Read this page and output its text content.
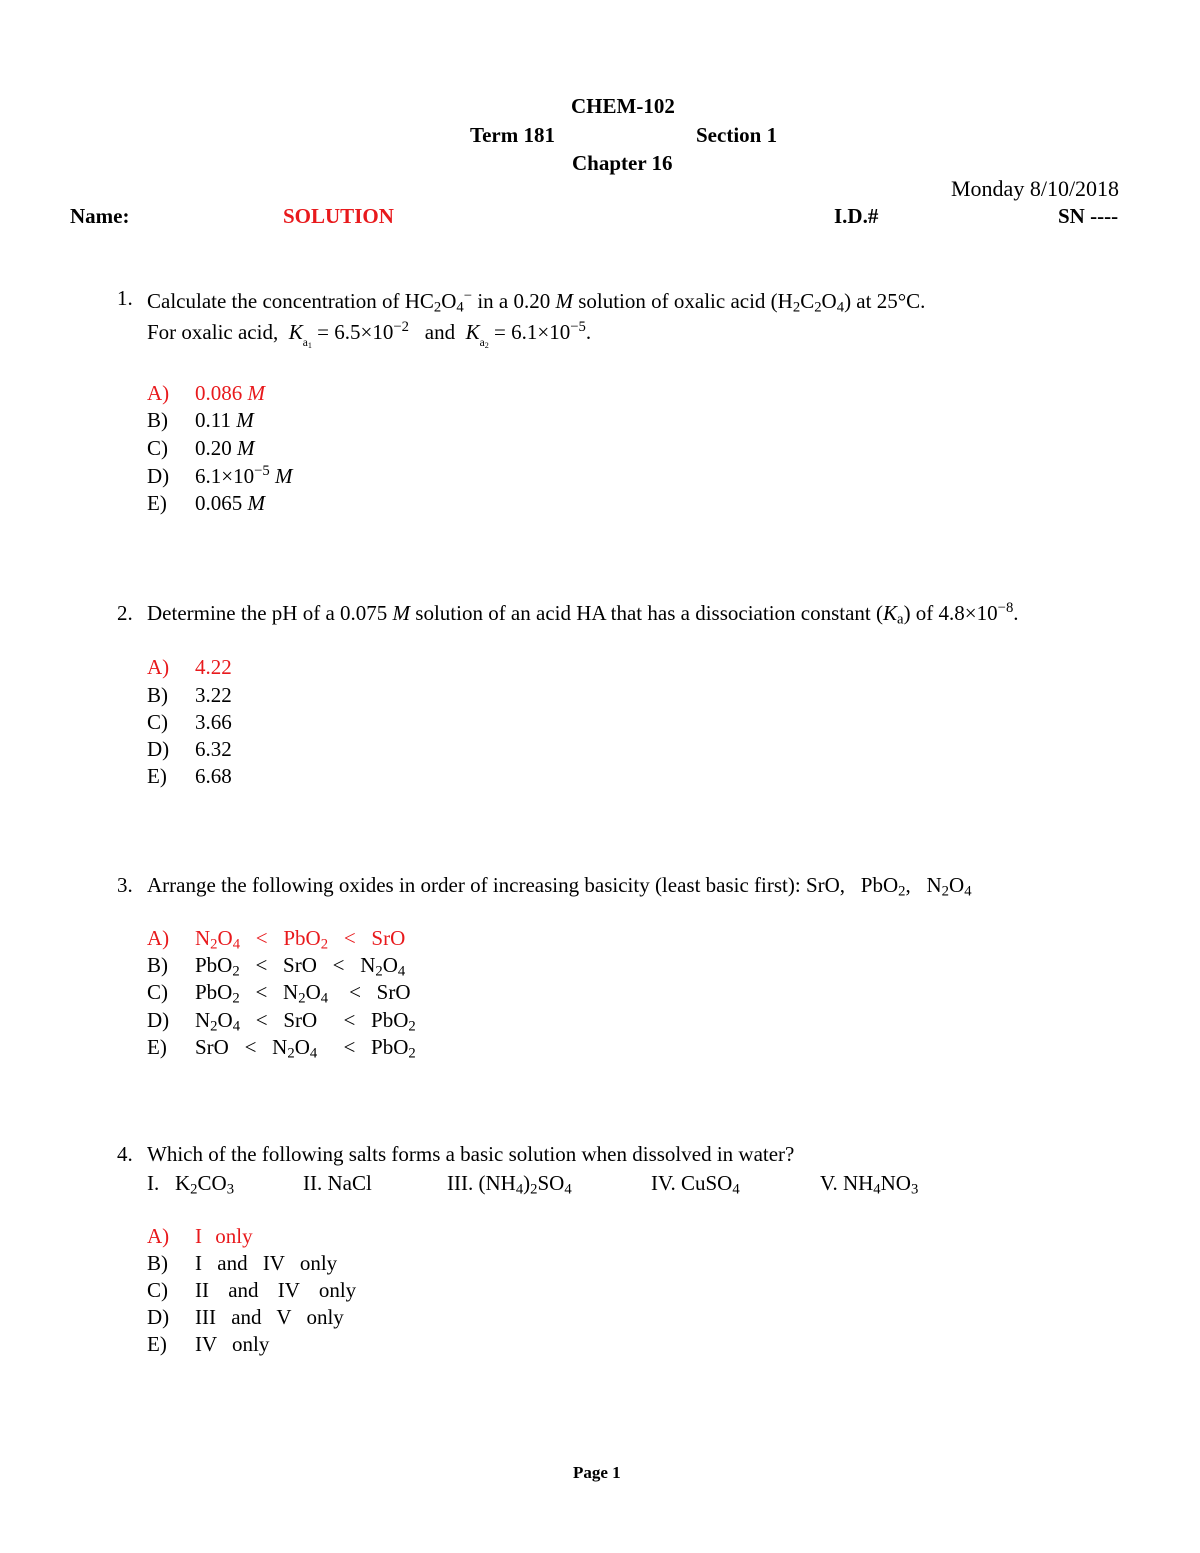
CHEM-102
Term 181	Section 1
Chapter 16
Monday 8/10/2018
Name:	SOLUTION	I.D.#	SN ----
1. Calculate the concentration of $HC_2O_4^-$ in a 0.20 M solution of oxalic acid $(H_2C_2O_4)$ at 25°C.
For oxalic acid,  $K_{a_1} = 6.5\times 10^{-2}$   and  $K_{a_2} = 6.1\times 10^{-5}$.
A) 0.086 M
B) 0.11 M
C) 0.20 M
D) $6.1\times 10^{-5}$ M
E) 0.065 M
2. Determine the pH of a 0.075 M solution of an acid HA that has a dissociation constant $(K_a)$ of $4.8\times 10^{-8}$.
A) 4.22
B) 3.22
C) 3.66
D) 6.32
E) 6.68
3. Arrange the following oxides in order of increasing basicity (least basic first): SrO,   PbO$_2$,   $N_2O_4$
A) $N_2O_4 < PbO_2$   <   SrO
B) PbO$_2$   <   SrO   <   $N_2O_4$
C) $PbO_2 < N_2O_4$    <   SrO
D) $N_2O_4$   <   SrO     <   PbO$_2$
E) SrO   <   $N_2O_4$     <   PbO$_2$
4. Which of the following salts forms a basic solution when dissolved in water?
I.   $K_2CO_3$	II. NaCl	III. $(NH_4)_2SO_4$	IV. CuSO$_4$	V. $NH_4NO_3$
A) I only
B) I and IV only
C) II and IV only
D) III and V only
E) IV only
Page 1
